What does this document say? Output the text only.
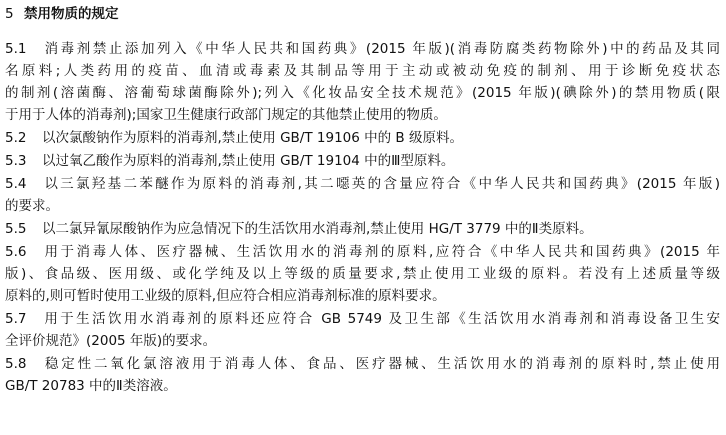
5 禁用物质的规定
5.1 消毒剂禁止添加列入《中华人民共和国药典》(2015 年版)(消毒防腐类药物除外)中的药品及其同
名原料;人类药用的疫苗、血清或毒素及其制品等用于主动或被动免疫的制剂、用于诊断免疫状态
的制剂(溶菌酶、溶葡萄球菌酶除外);列入《化妆品安全技术规范》(2015 年版)(碘除外)的禁用物质(限
于用于人体的消毒剂);国家卫生健康行政部门规定的其他禁止使用的物质。
5.2 以次氯酸钠作为原料的消毒剂,禁止使用 GB/T 19106 中的 B 级原料。
5.3 以过氧乙酸作为原料的消毒剂,禁止使用 GB/T 19104 中的Ⅲ型原料。
5.4 以三氯羟基二苯醚作为原料的消毒剂,其二噁英的含量应符合《中华人民共和国药典》(2015 年版)
的要求。
5.5 以二氯异氰尿酸钠作为应急情况下的生活饮用水消毒剂,禁止使用 HG/T 3779 中的Ⅱ类原料。
5.6 用于消毒人体、医疗器械、生活饮用水的消毒剂的原料,应符合《中华人民共和国药典》(2015 年
版)、食品级、医用级、或化学纯及以上等级的质量要求,禁止使用工业级的原料。若没有上述质量等级
原料的,则可暂时使用工业级的原料,但应符合相应消毒剂标准的原料要求。
5.7 用于生活饮用水消毒剂的原料还应符合 GB 5749 及卫生部《生活饮用水消毒剂和消毒设备卫生安
全评价规范》(2005 年版)的要求。
5.8 稳定性二氧化氯溶液用于消毒人体、食品、医疗器械、生活饮用水的消毒剂的原料时,禁止使用
GB/T 20783 中的Ⅱ类溶液。
